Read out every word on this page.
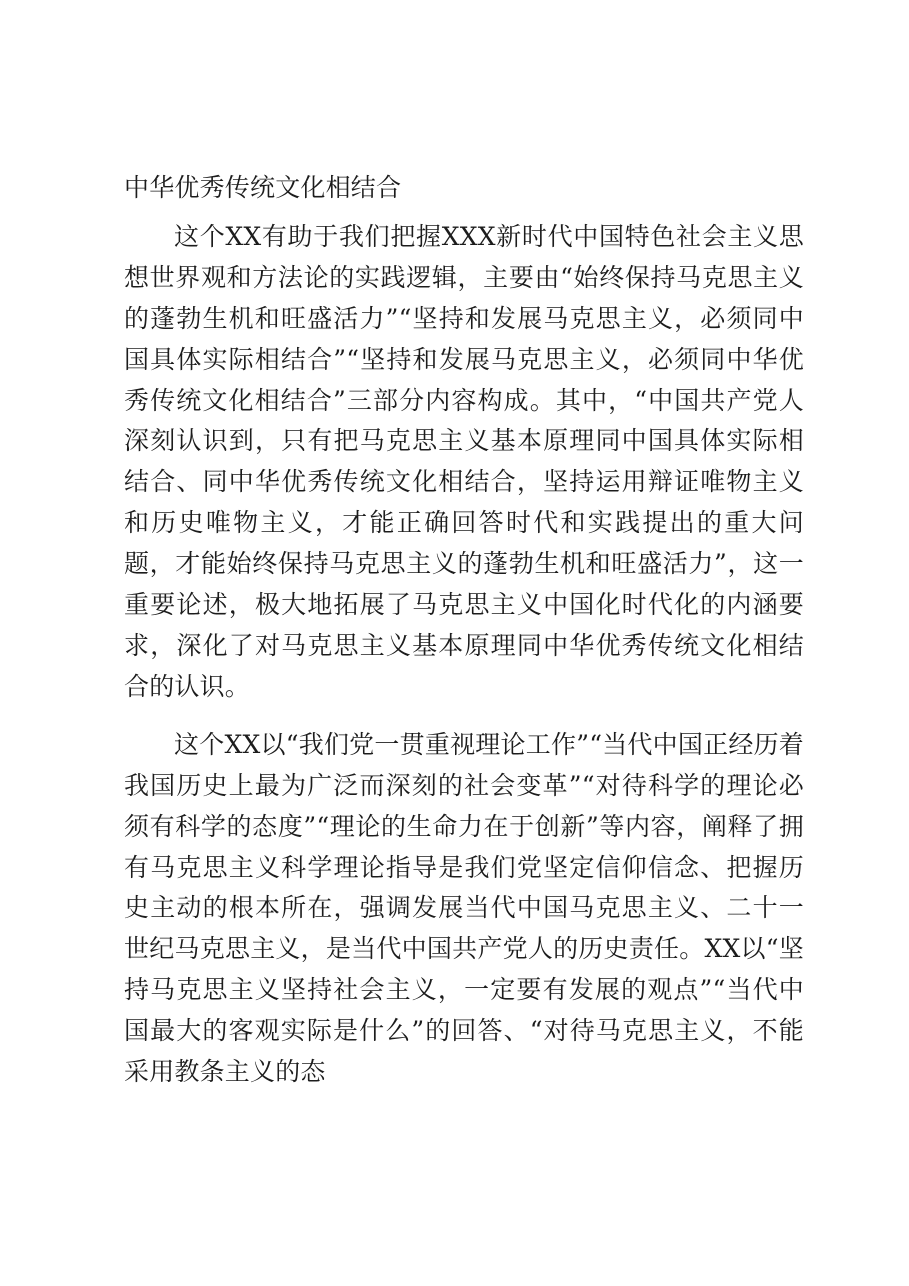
中华优秀传统文化相结合
这个XX有助于我们把握XXX新时代中国特色社会主义思想世界观和方法论的实践逻辑，主要由“始终保持马克思主义的蓬勃生机和旺盛活力”“坚持和发展马克思主义，必须同中国具体实际相结合”“坚持和发展马克思主义，必须同中华优秀传统文化相结合”三部分内容构成。其中，“中国共产党人深刻认识到，只有把马克思主义基本原理同中国具体实际相结合、同中华优秀传统文化相结合，坚持运用辩证唯物主义和历史唯物主义，才能正确回答时代和实践提出的重大问题，才能始终保持马克思主义的蓬勃生机和旺盛活力”，这一重要论述，极大地拓展了马克思主义中国化时代化的内涵要求，深化了对马克思主义基本原理同中华优秀传统文化相结合的认识。
这个XX以“我们党一贯重视理论工作”“当代中国正经历着我国历史上最为广泛而深刻的社会变革”“对待科学的理论必须有科学的态度”“理论的生命力在于创新”等内容，阐释了拥有马克思主义科学理论指导是我们党坚定信仰信念、把握历史主动的根本所在，强调发展当代中国马克思主义、二十一世纪马克思主义，是当代中国共产党人的历史责任。XX以“坚持马克思主义坚持社会主义，一定要有发展的观点”“当代中国最大的客观实际是什么”的回答、“对待马克思主义，不能采用教条主义的态
